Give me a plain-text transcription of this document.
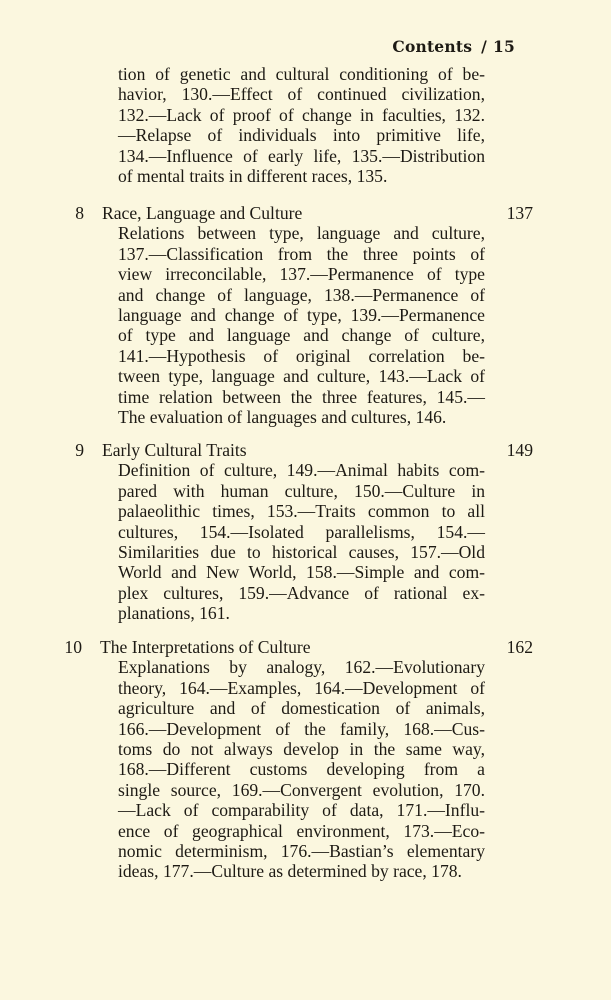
Contents / 15
tion of genetic and cultural conditioning of be-
havior, 130.—Effect of continued civilization,
132.—Lack of proof of change in faculties, 132.
—Relapse of individuals into primitive life,
134.—Influence of early life, 135.—Distribution
of mental traits in different races, 135.
8 Race, Language and Culture	137
Relations between type, language and culture,
137.—Classification from the three points of
view irreconcilable, 137.—Permanence of type
and change of language, 138.—Permanence of
language and change of type, 139.—Permanence
of type and language and change of culture,
141.—Hypothesis of original correlation be-
tween type, language and culture, 143.—Lack of
time relation between the three features, 145.—
The evaluation of languages and cultures, 146.
9 Early Cultural Traits	149
Definition of culture, 149.—Animal habits com-
pared with human culture, 150.—Culture in
palaeolithic times, 153.—Traits common to all
cultures, 154.—Isolated parallelisms, 154.—
Similarities due to historical causes, 157.—Old
World and New World, 158.—Simple and com-
plex cultures, 159.—Advance of rational ex-
planations, 161.
10 The Interpretations of Culture	162
Explanations by analogy, 162.—Evolutionary
theory, 164.—Examples, 164.—Development of
agriculture and of domestication of animals,
166.—Development of the family, 168.—Cus-
toms do not always develop in the same way,
168.—Different customs developing from a
single source, 169.—Convergent evolution, 170.
—Lack of comparability of data, 171.—Influ-
ence of geographical environment, 173.—Eco-
nomic determinism, 176.—Bastian’s elementary
ideas, 177.—Culture as determined by race, 178.
